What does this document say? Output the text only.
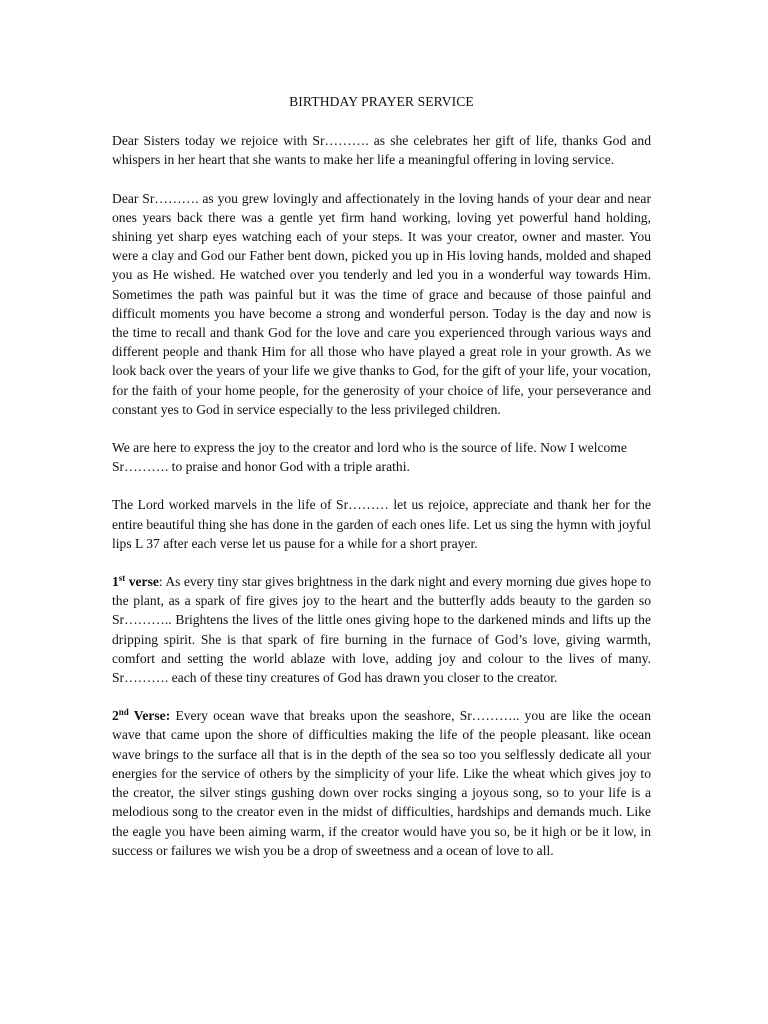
BIRTHDAY PRAYER SERVICE

Dear Sisters today we rejoice with Sr………. as she celebrates her gift of life, thanks God and whispers in her heart that she wants to make her life a meaningful offering in loving service.

Dear Sr………. as you grew lovingly and affectionately in the loving hands of your dear and near ones years back there was a gentle yet firm hand working, loving yet powerful hand holding, shining yet sharp eyes watching each of your steps. It was your creator, owner and master. You were a clay and God our Father bent down, picked you up in His loving hands, molded and shaped you as He wished. He watched over you tenderly and led you in a wonderful way towards Him. Sometimes the path was painful but it was the time of grace and because of those painful and difficult moments you have become a strong and wonderful person. Today is the day and now is the time to recall and thank God for the love and care you experienced through various ways and different people and thank Him for all those who have played a great role in your growth. As we look back over the years of your life we give thanks to God, for the gift of your life, your vocation, for the faith of your home people, for the generosity of your choice of life, your perseverance and constant yes to God in service especially to the less privileged children.

We are here to express the joy to the creator and lord who is the source of life. Now I welcome Sr………. to praise and honor God with a triple arathi.

The Lord worked marvels in the life of Sr……… let us rejoice, appreciate and thank her for the entire beautiful thing she has done in the garden of each ones life. Let us sing the hymn with joyful lips L 37 after each verse let us pause for a while for a short prayer.

1st verse: As every tiny star gives brightness in the dark night and every morning due gives hope to the plant, as a spark of fire gives joy to the heart and the butterfly adds beauty to the garden so Sr……….. Brightens the lives of the little ones giving hope to the darkened minds and lifts up the dripping spirit. She is that spark of fire burning in the furnace of God’s love, giving warmth, comfort and setting the world ablaze with love, adding joy and colour to the lives of many. Sr………. each of these tiny creatures of God has drawn you closer to the creator.

2nd Verse: Every ocean wave that breaks upon the seashore, Sr……….. you are like the ocean wave that came upon the shore of difficulties making the life of the people pleasant. like ocean wave brings to the surface all that is in the depth of the sea so too you selflessly dedicate all your energies for the service of others by the simplicity of your life. Like the wheat which gives joy to the creator, the silver stings gushing down over rocks singing a joyous song, so to your life is a melodious song to the creator even in the midst of difficulties, hardships and demands much. Like the eagle you have been aiming warm, if the creator would have you so, be it high or be it low, in success or failures we wish you be a drop of sweetness and a ocean of love to all.
